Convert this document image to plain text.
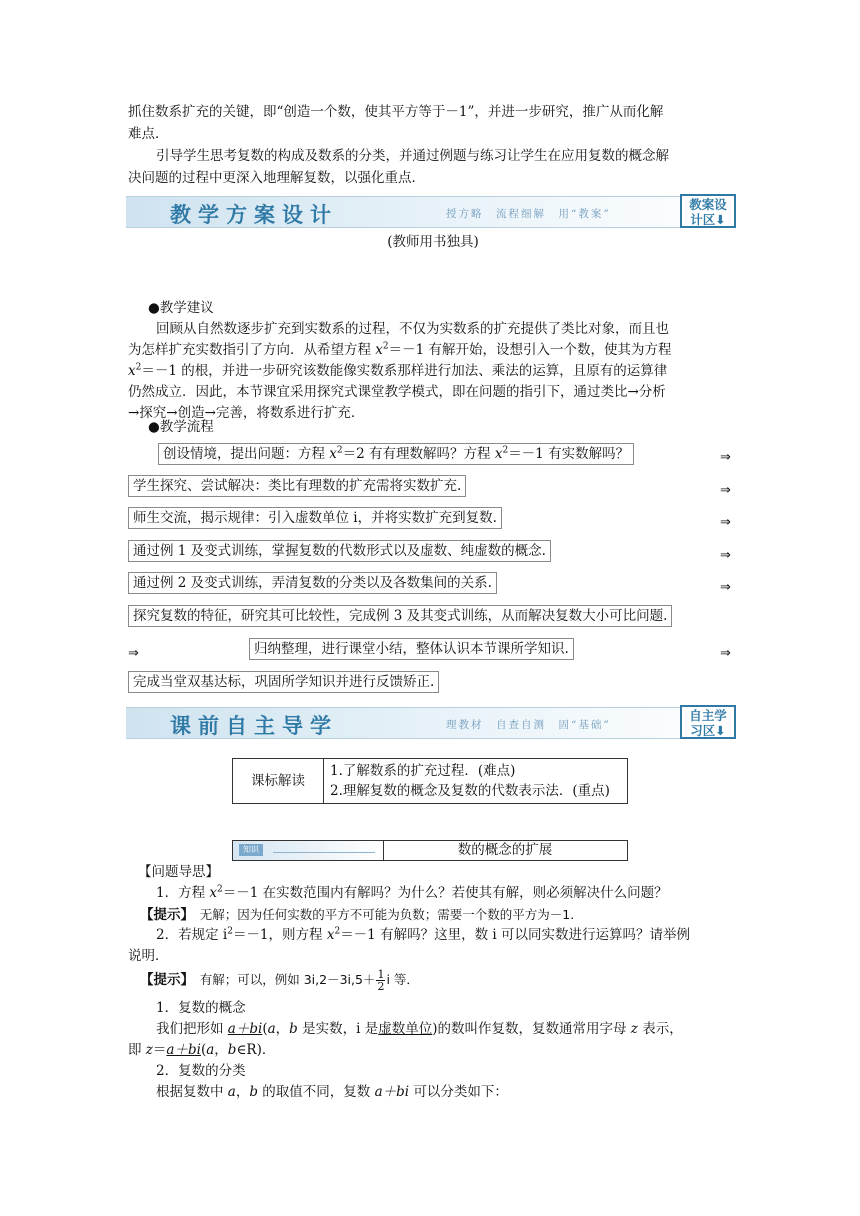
抓住数系扩充的关键，即“创造一个数，使其平方等于－1”，并进一步研究，推广从而化解

难点．

引导学生思考复数的构成及数系的分类，并通过例题与练习让学生在应用复数的概念解

决问题的过程中更深入地理解复数，以强化重点．

教学方案设计	授方略　流程细解　用“教案”
教案设
计区⬇
(教师用书独具)

●教学建议

回顾从自然数逐步扩充到实数系的过程，不仅为实数系的扩充提供了类比对象，而且也

为怎样扩充实数指引了方向．从希望方程 $x^2=-1$ 有解开始，设想引入一个数，使其为方程

$x^2=-1$ 的根，并进一步研究该数能像实数系那样进行加法、乘法的运算，且原有的运算律

仍然成立．因此，本节课宜采用探究式课堂教学模式，即在问题的指引下，通过类比→分析

→探究→创造→完善，将数系进行扩充．

●教学流程

创设情境，提出问题：方程 $x^2=2$ 有有理数解吗？方程 $x^2=-1$ 有实数解吗？	⇒
学生探究、尝试解决：类比有理数的扩充需将实数扩充.	⇒
师生交流，揭示规律：引入虚数单位 i，并将实数扩充到复数.	⇒
通过例 1 及变式训练，掌握复数的代数形式以及虚数、纯虚数的概念.	⇒
通过例 2 及变式训练，弄清复数的分类以及各数集间的关系.	⇒
探究复数的特征，研究其可比较性，完成例 3 及其变式训练，从而解决复数大小可比问题.
⇒	归纳整理，进行课堂小结，整体认识本节课所学知识.	⇒
完成当堂双基达标，巩固所学知识并进行反馈矫正.
课前自主导学	理教材　自查自测　固“基础”
自主学
习区⬇
课标解读	
1.了解数系的扩充过程．(难点)
2.理解复数的概念及复数的代数表示法．(重点)
知识	数的概念的扩展

【问题导思】

1．方程 $x^2=-1$ 在实数范围内有解吗？为什么？若使其有解，则必须解决什么问题？

【提示】　无解；因为任何实数的平方不可能为负数；需要一个数的平方为－1.

2．若规定 $i^2=-1$，则方程 $x^2=-1$ 有解吗？这里，数 i 可以同实数进行运算吗？请举例

说明．

【提示】　有解；可以，例如 $3i,2-3i,5+ \frac{1}{2}$ i 等．

1．复数的概念

我们把形如 a＋bi(a，b 是实数，i 是虚数单位)的数叫作复数，复数通常用字母 z 表示，

即 z＝a＋bi(a，b∈R)．

2．复数的分类

根据复数中 a，b 的取值不同，复数 a＋bi 可以分类如下：
